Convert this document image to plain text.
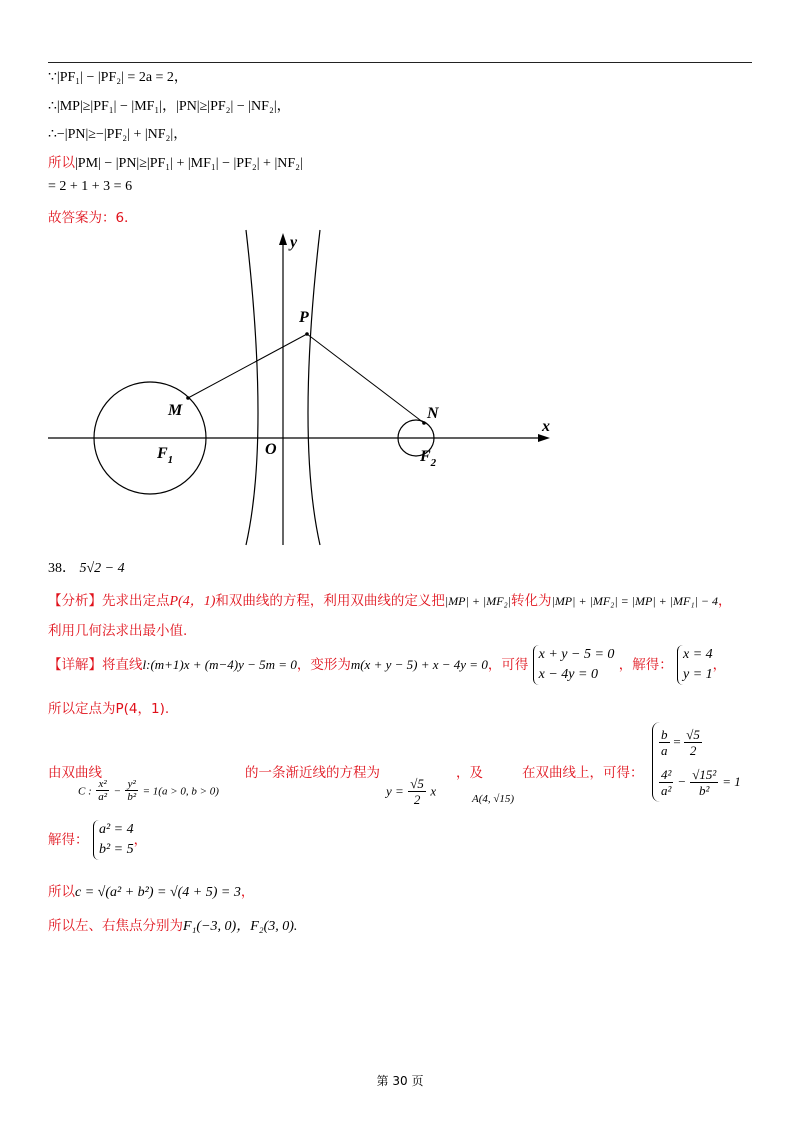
∵|PF₁| − |PF₂| = 2a = 2，
∴|MP|≥|PF₁| − |MF₁|，|PN|≥|PF₂| − |NF₂|，
∴−|PN|≥−|PF₂| + |NF₂|，
所以|PM| − |PN|≥|PF₁| + |MF₁| − |PF₂| + |NF₂|
= 2 + 1 + 3 = 6
故答案为：6．
y
x
P
M	N
O
$F_1$	$F_2$
38． 5√2 − 4
【分析】先求出定点P(4，1)和双曲线的方程，利用双曲线的定义把|MP| + |MF₂|转化为|MP| + |MF₂| = |MP| + |MF₁| − 4，
利用几何法求出最小值.
【详解】将直线l:(m+1)x + (m−4)y − 5m = 0，变形为m(x + y − 5) + x − 4y = 0，可得
x + y − 5 = 0
x − 4y = 0
，解得：
x = 4
y = 1
，
所以定点为P(4，1).
由双曲线
C : $\frac{\text{x²}}{\text{a²}} - \frac{\text{y²}}{\text{b²}} = 1(a > 0$, b > 0)
的一条渐近线的方程为
$y = \frac{√5}{2}$ x
，及
A(4, √15)
在双曲线上，可得：
$\frac{b}{a} = \frac{√5}{2}$
$\frac{\text{4²}}{\text{a²}} - \frac{\text{√15²}}{\text{b²}} = 1$
解得：
a² = 4
b² = 5
，
所以c = √(a² + b²) = √(4 + 5) = 3，
所以左、右焦点分别为F₁(−3, 0)，F₂(3, 0).
第 30 页
